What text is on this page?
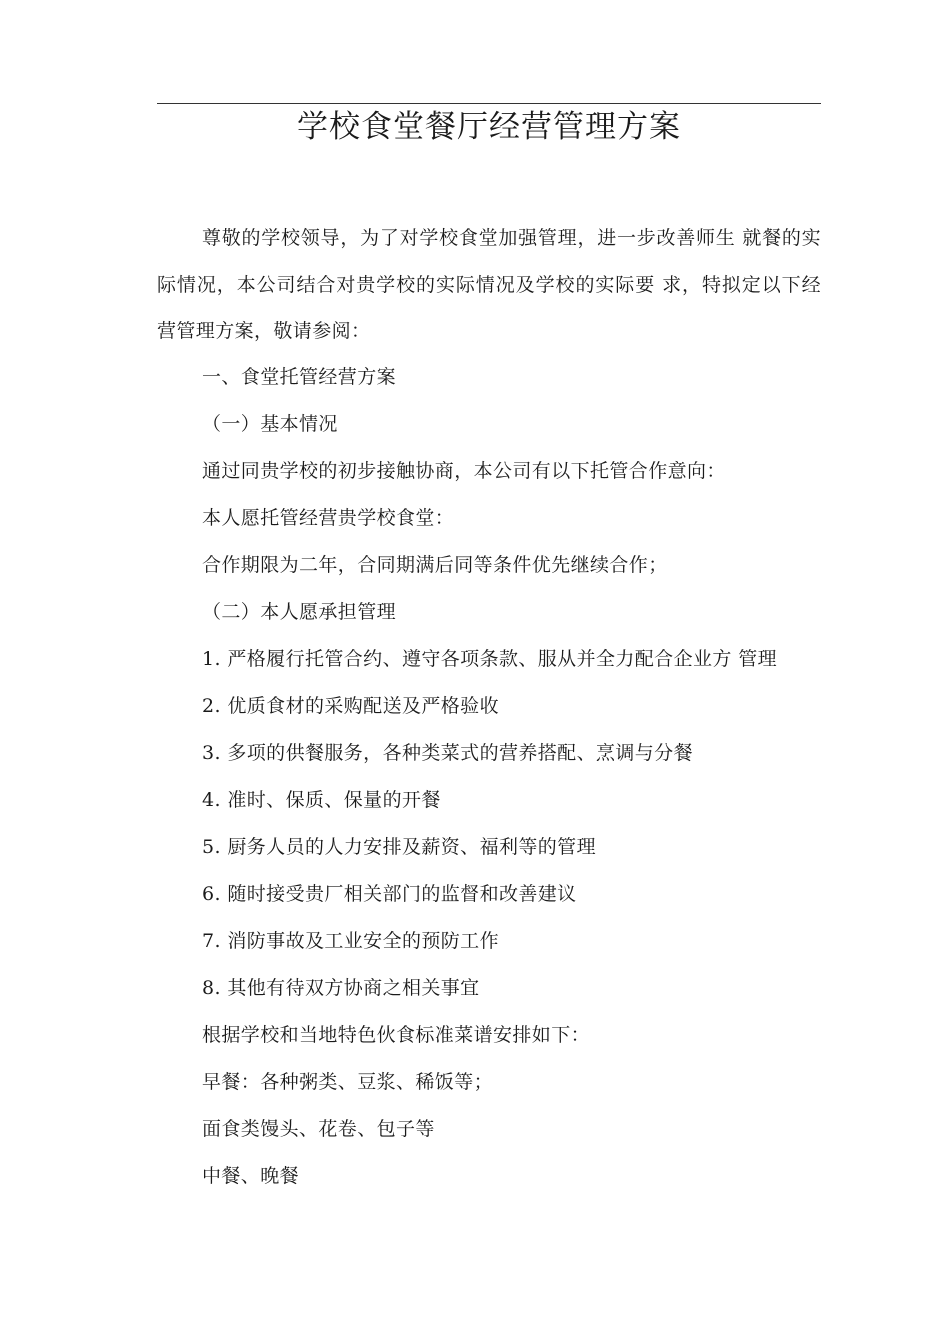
学校食堂餐厅经营管理方案

尊敬的学校领导，为了对学校食堂加强管理，进一步改善师生 就餐的实际情况，本公司结合对贵学校的实际情况及学校的实际要 求，特拟定以下经营管理方案，敬请参阅：

一、食堂托管经营方案

（一）基本情况

通过同贵学校的初步接触协商，本公司有以下托管合作意向：

本人愿托管经营贵学校食堂：

合作期限为二年，合同期满后同等条件优先继续合作；

（二）本人愿承担管理

1. 严格履行托管合约、遵守各项条款、服从并全力配合企业方 管理

2. 优质食材的采购配送及严格验收

3. 多项的供餐服务，各种类菜式的营养搭配、烹调与分餐

4. 准时、保质、保量的开餐

5. 厨务人员的人力安排及薪资、福利等的管理

6. 随时接受贵厂相关部门的监督和改善建议

7. 消防事故及工业安全的预防工作

8. 其他有待双方协商之相关事宜

根据学校和当地特色伙食标准菜谱安排如下：

早餐：各种粥类、豆浆、稀饭等；

面食类馒头、花卷、包子等

中餐、晚餐
